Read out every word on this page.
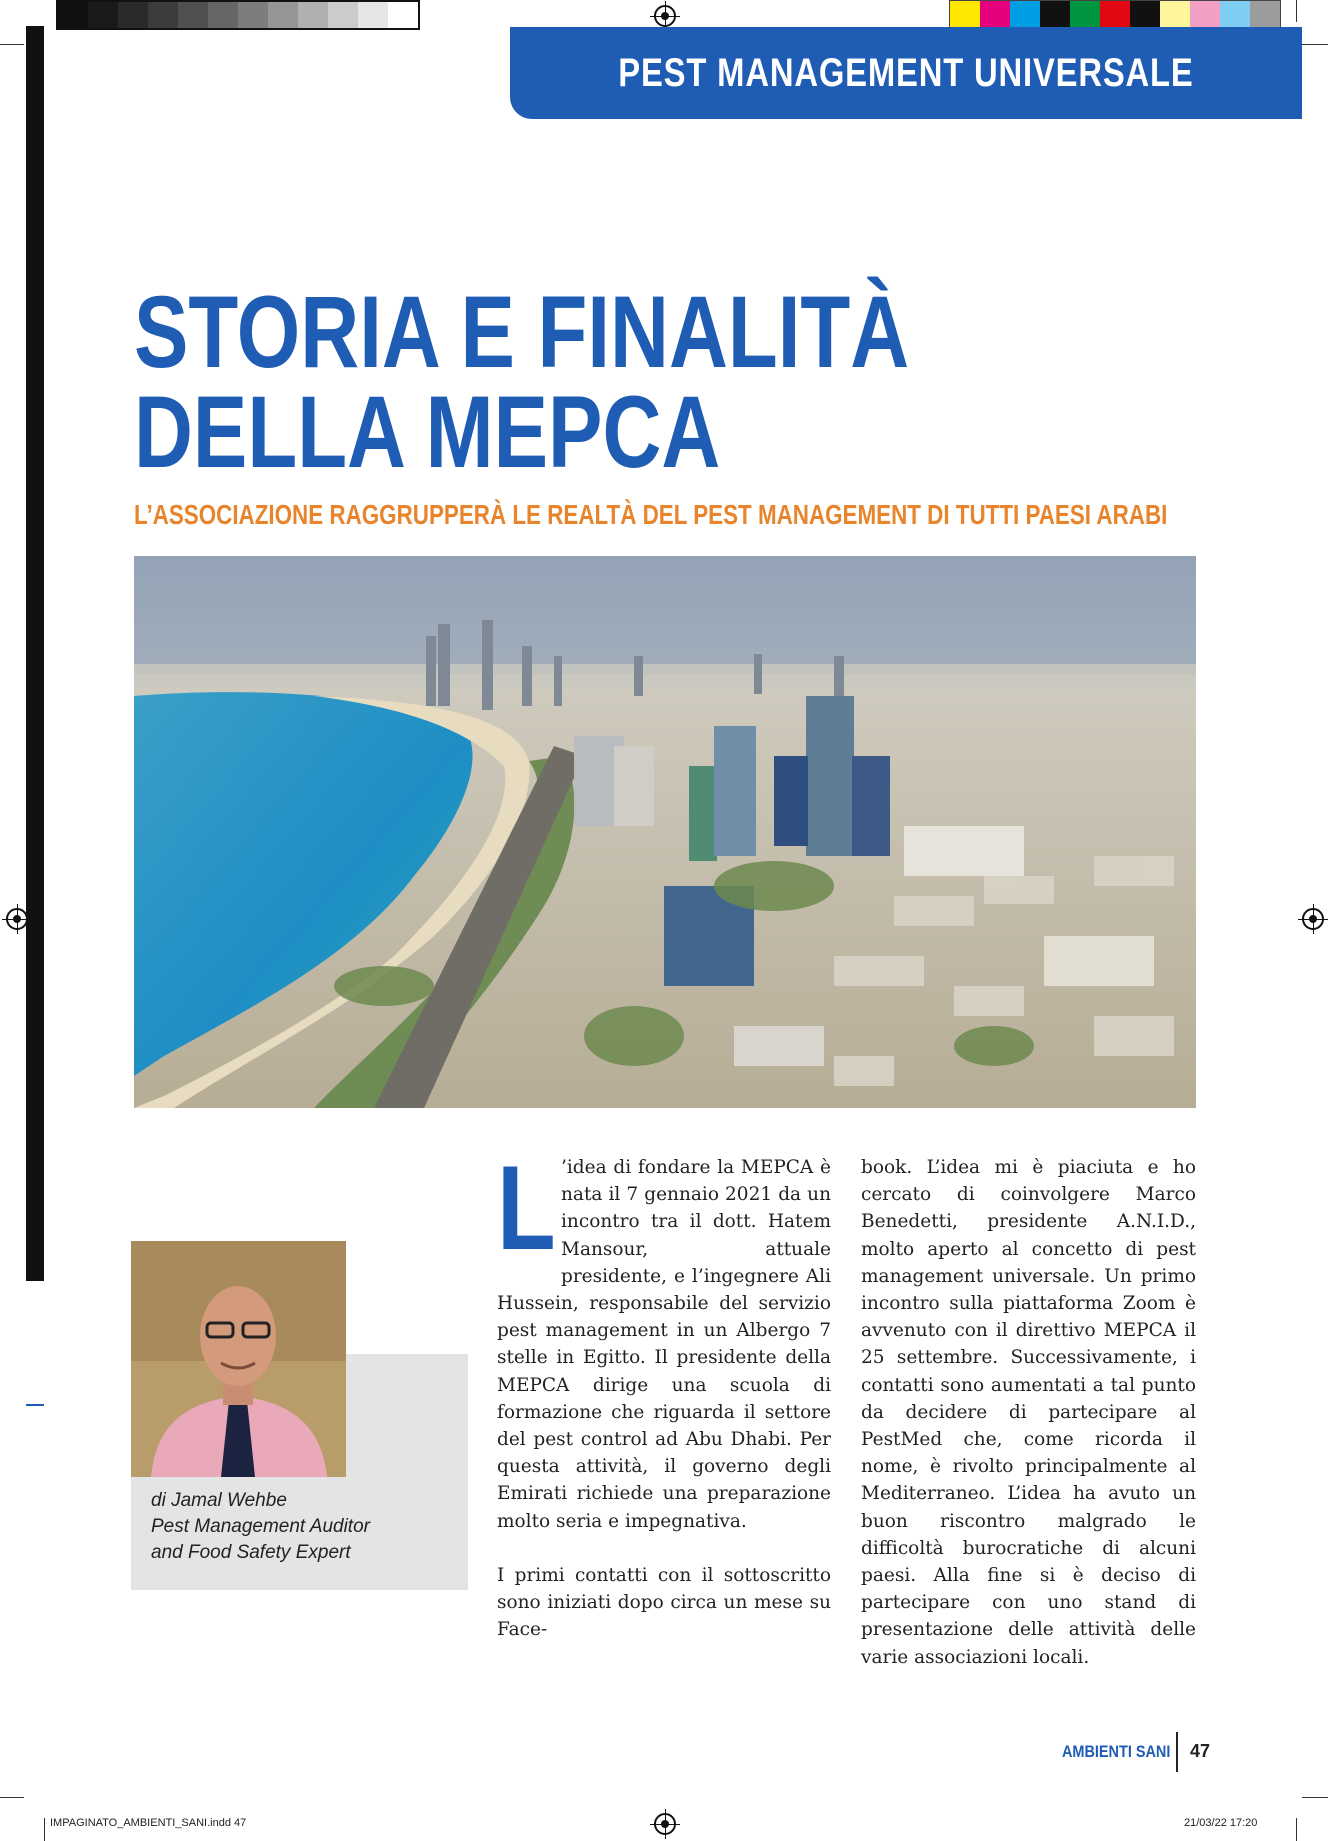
PEST MANAGEMENT UNIVERSALE
STORIA E FINALITÀ
DELLA MEPCA

L’ASSOCIAZIONE RAGGRUPPERÀ LE REALTÀ DEL PEST MANAGEMENT DI TUTTI PAESI ARABI

di Jamal Wehbe
Pest Management Auditor
and Food Safety Expert

L ’idea di fondare la MEPCA è nata il 7 gennaio 2021 da un incontro tra il dott. Hatem Mansour, attuale presidente, e l’ingegnere Ali Hussein, responsabile del servizio pest management in un Albergo 7 stelle in Egitto. Il presidente della MEPCA dirige una scuola di formazione che riguarda il settore del pest control ad Abu Dhabi. Per questa attività, il governo degli Emirati richiede una preparazione molto seria e impegnativa.

I primi contatti con il sottoscritto sono iniziati dopo circa un mese su Face-

book. L’idea mi è piaciuta e ho cercato di coinvolgere Marco Benedetti, presidente A.N.I.D., molto aperto al concetto di pest management universale. Un primo incontro sulla piattaforma Zoom è avvenuto con il direttivo MEPCA il 25 settembre. Successivamente, i contatti sono aumentati a tal punto da decidere di partecipare al PestMed che, come ricorda il nome, è rivolto principalmente al Mediterraneo. L’idea ha avuto un buon riscontro malgrado le difficoltà burocratiche di alcuni paesi. Alla fine si è deciso di partecipare con uno stand di presentazione delle attività delle varie associazioni locali.

AMBIENTI SANI 47
IMPAGINATO_AMBIENTI_SANI.indd 47	21/03/22 17:20
